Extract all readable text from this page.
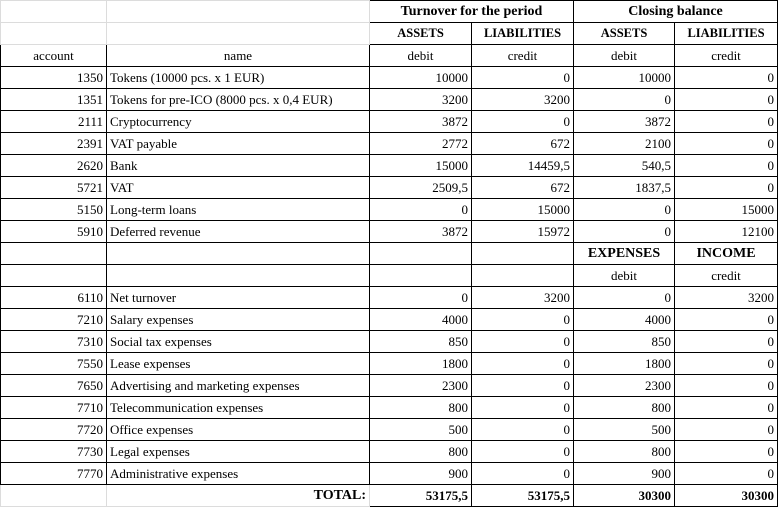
		Turnover for the period		Closing balance	
		ASSETS	LIABILITIES	ASSETS	LIABILITIES
account	name	debit	credit	debit	credit
1350	Tokens (10000 pcs. x 1 EUR)	10000	0	10000	0
1351	Tokens for pre-ICO (8000 pcs. x 0,4 EUR)	3200	3200	0	0
2111	Cryptocurrency	3872	0	3872	0
2391	VAT payable	2772	672	2100	0
2620	Bank	15000	14459,5	540,5	0
5721	VAT	2509,5	672	1837,5	0
5150	Long-term loans	0	15000	0	15000
5910	Deferred revenue	3872	15972	0	12100
				EXPENSES	INCOME
				debit	credit
6110	Net turnover	0	3200	0	3200
7210	Salary expenses	4000	0	4000	0
7310	Social tax expenses	850	0	850	0
7550	Lease expenses	1800	0	1800	0
7650	Advertising and marketing expenses	2300	0	2300	0
7710	Telecommunication expenses	800	0	800	0
7720	Office expenses	500	0	500	0
7730	Legal expenses	800	0	800	0
7770	Administrative expenses	900	0	900	0
	TOTAL:	53175,5	53175,5	30300	30300
